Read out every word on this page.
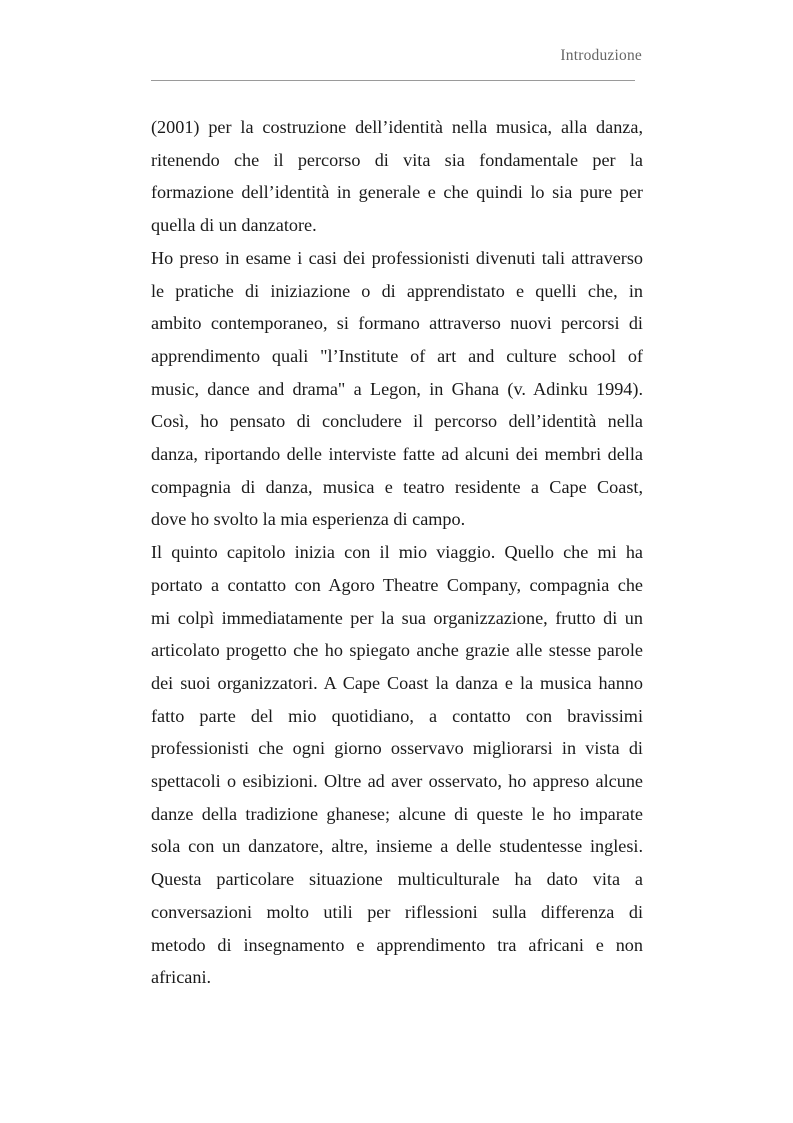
Introduzione
(2001) per la costruzione dell’identità nella musica, alla danza,
ritenendo che il percorso di vita sia fondamentale per la
formazione dell’identità in generale e che quindi lo sia pure per
quella di un danzatore.
Ho preso in esame i casi dei professionisti divenuti tali attraverso
le pratiche di iniziazione o di apprendistato e quelli che, in
ambito contemporaneo, si formano attraverso nuovi percorsi di
apprendimento quali "l’Institute of art and culture school of
music, dance and drama" a Legon, in Ghana (v. Adinku 1994).
Così, ho pensato di concludere il percorso dell’identità nella
danza, riportando delle interviste fatte ad alcuni dei membri della
compagnia di danza, musica e teatro residente a Cape Coast,
dove ho svolto la mia esperienza di campo.
Il quinto capitolo inizia con il mio viaggio. Quello che mi ha
portato a contatto con Agoro Theatre Company, compagnia che
mi colpì immediatamente per la sua organizzazione, frutto di un
articolato progetto che ho spiegato anche grazie alle stesse parole
dei suoi organizzatori. A Cape Coast la danza e la musica hanno
fatto parte del mio quotidiano, a contatto con bravissimi
professionisti che ogni giorno osservavo migliorarsi in vista di
spettacoli o esibizioni. Oltre ad aver osservato, ho appreso alcune
danze della tradizione ghanese; alcune di queste le ho imparate
sola con un danzatore, altre, insieme a delle studentesse inglesi.
Questa particolare situazione multiculturale ha dato vita a
conversazioni molto utili per riflessioni sulla differenza di
metodo di insegnamento e apprendimento tra africani e non
africani.
